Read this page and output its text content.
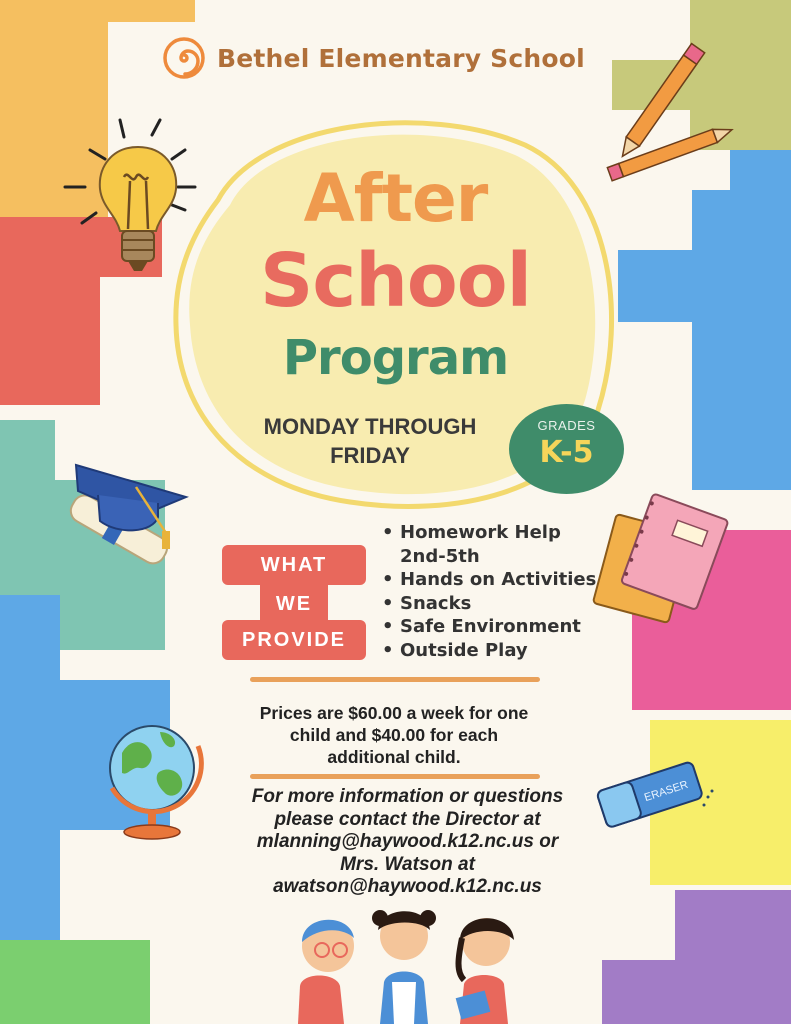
Bethel Elementary School
After
School
Program
MONDAY THROUGH
FRIDAY
GRADES
K-5
WE
WHAT
PROVIDE
• Homework Help
2nd-5th
• Hands on Activities
• Snacks
• Safe Environment
• Outside Play
Prices are $60.00 a week for one
child and $40.00 for each
additional child.
For more information or questions
please contact the Director at
mlanning@haywood.k12.nc.us or
Mrs. Watson at
awatson@haywood.k12.nc.us
ERASER
